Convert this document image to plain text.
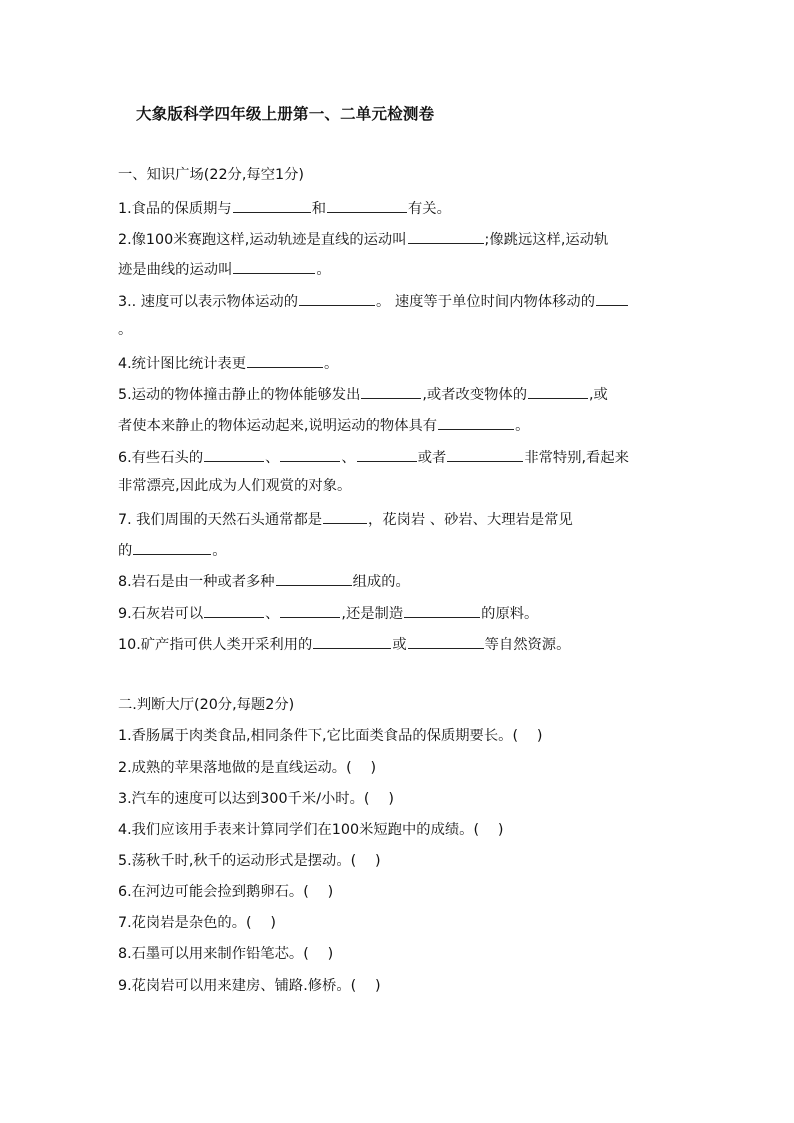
大象版科学四年级上册第一、二单元检测卷
一、知识广场(22分,每空1分)
1.食品的保质期与	和	有关。
2.像100米赛跑这样,运动轨迹是直线的运动叫	;像跳远这样,运动轨
迹是曲线的运动叫	。
3.. 速度可以表示物体运动的	。 速度等于单位时间内物体移动的
。
4.统计图比统计表更	。
5.运动的物体撞击静止的物体能够发出	,或者改变物体的	,或
者使本来静止的物体运动起来,说明运动的物体具有	。
6.有些石头的	、	、	或者	非常特别,看起来
非常漂亮,因此成为人们观赏的对象。
7. 我们周围的天然石头通常都是	，花岗岩 、砂岩、大理岩是常见
的	。
8.岩石是由一种或者多种	组成的。
9.石灰岩可以	、	,还是制造	的原料。
10.矿产指可供人类开采利用的	或	等自然资源。
二.判断大厅(20分,每题2分)
1.香肠属于肉类食品,相同条件下,它比面类食品的保质期要长。(　 )
2.成熟的苹果落地做的是直线运动。(　 )
3.汽车的速度可以达到300千米/小时。(　 )
4.我们应该用手表来计算同学们在100米短跑中的成绩。(　 )
5.荡秋千时,秋千的运动形式是摆动。(　 )
6.在河边可能会捡到鹅卵石。(　 )
7.花岗岩是杂色的。(　 )
8.石墨可以用来制作铅笔芯。(　 )
9.花岗岩可以用来建房、铺路.修桥。(　 )
